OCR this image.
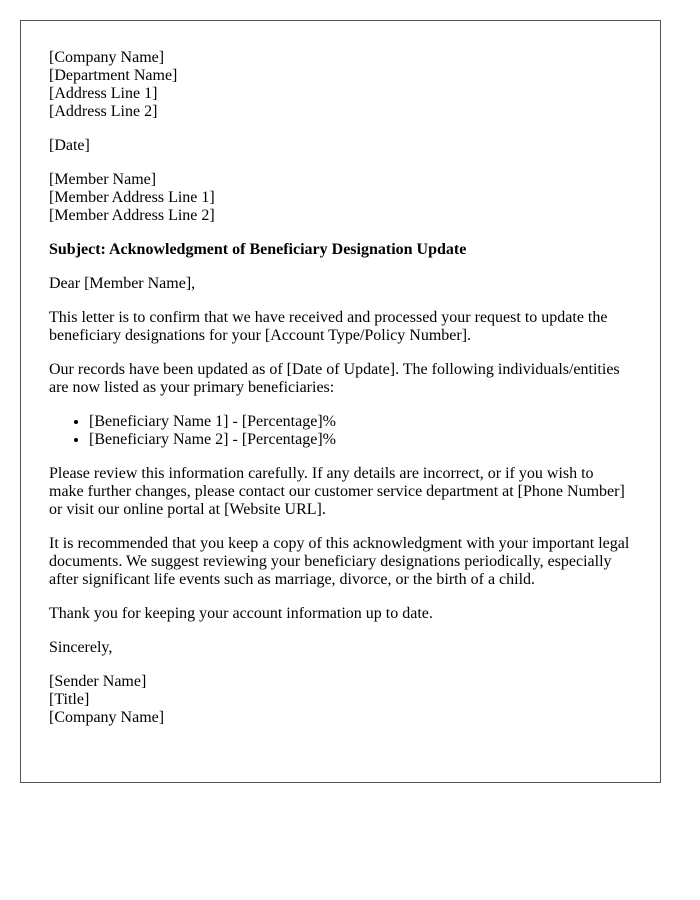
[Company Name]
[Department Name]
[Address Line 1]
[Address Line 2]

[Date]

[Member Name]
[Member Address Line 1]
[Member Address Line 2]

Subject: Acknowledgment of Beneficiary Designation Update

Dear [Member Name],

This letter is to confirm that we have received and processed your request to update the beneficiary designations for your [Account Type/Policy Number].

Our records have been updated as of [Date of Update]. The following individuals/entities are now listed as your primary beneficiaries:

• [Beneficiary Name 1] - [Percentage]%
• [Beneficiary Name 2] - [Percentage]%

Please review this information carefully. If any details are incorrect, or if you wish to make further changes, please contact our customer service department at [Phone Number] or visit our online portal at [Website URL].

It is recommended that you keep a copy of this acknowledgment with your important legal documents. We suggest reviewing your beneficiary designations periodically, especially after significant life events such as marriage, divorce, or the birth of a child.

Thank you for keeping your account information up to date.

Sincerely,

[Sender Name]
[Title]
[Company Name]
